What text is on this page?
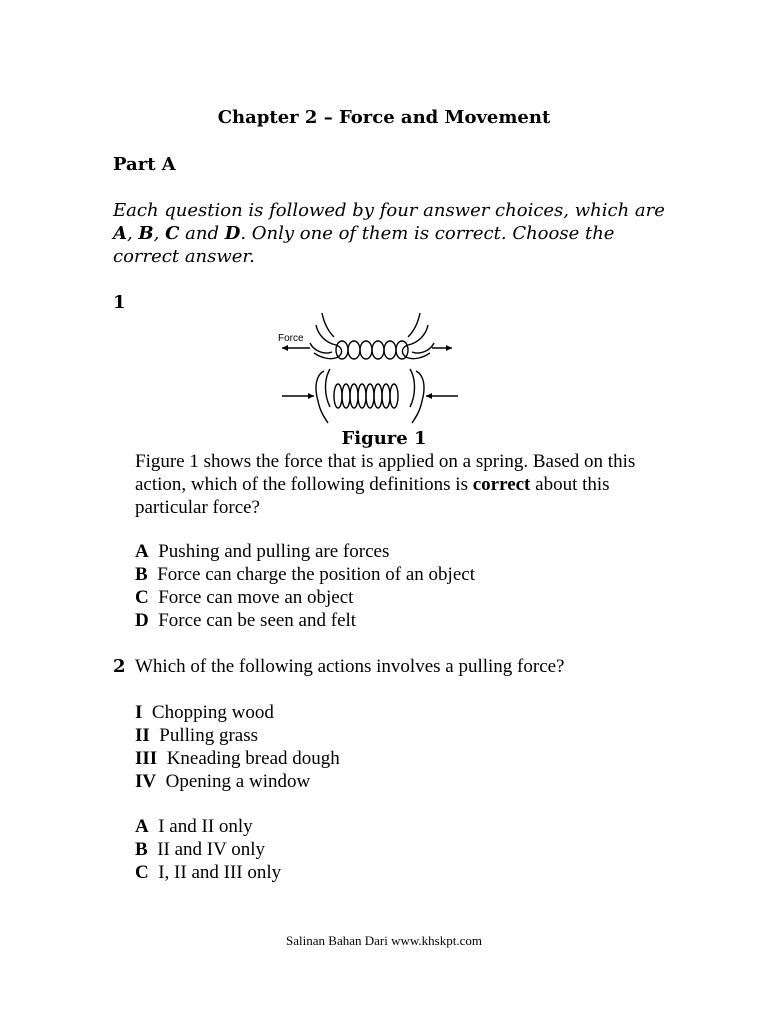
Chapter 2 – Force and Movement
Part A
Each question is followed by four answer choices, which are A, B, C and D. Only one of them is correct. Choose the correct answer.
1
Force
Figure 1
Figure 1 shows the force that is applied on a spring. Based on this action, which of the following definitions is correct about this particular force?
A Pushing and pulling are forces
B Force can charge the position of an object
C Force can move an object
D Force can be seen and felt
2 Which of the following actions involves a pulling force?
I Chopping wood
II Pulling grass
III Kneading bread dough
IV Opening a window
A I and II only
B II and IV only
C I, II and III only
Salinan Bahan Dari www.khskpt.com
